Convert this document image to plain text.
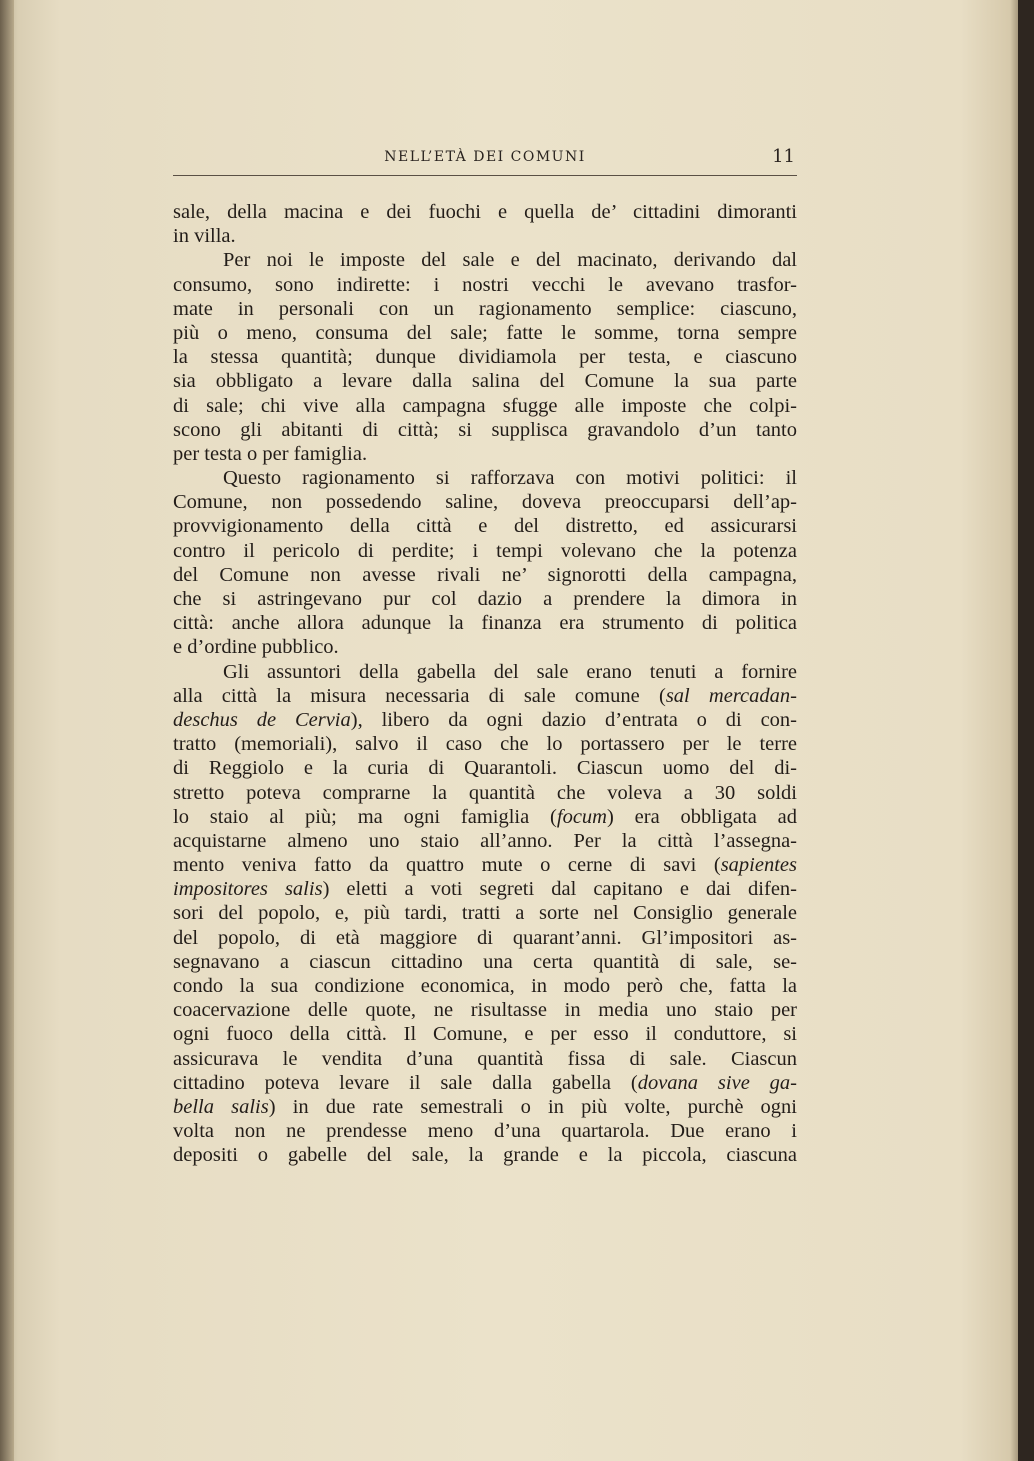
NELL’ETÀ DEI COMUNI	11
sale, della macina e dei fuochi e quella de’ cittadini dimoranti
in villa.
Per noi le imposte del sale e del macinato, derivando dal
consumo, sono indirette: i nostri vecchi le avevano trasfor-
mate in personali con un ragionamento semplice: ciascuno,
più o meno, consuma del sale; fatte le somme, torna sempre
la stessa quantità; dunque dividiamola per testa, e ciascuno
sia obbligato a levare dalla salina del Comune la sua parte
di sale; chi vive alla campagna sfugge alle imposte che colpi-
scono gli abitanti di città; si supplisca gravandolo d’un tanto
per testa o per famiglia.
Questo ragionamento si rafforzava con motivi politici: il
Comune, non possedendo saline, doveva preoccuparsi dell’ap-
provvigionamento della città e del distretto, ed assicurarsi
contro il pericolo di perdite; i tempi volevano che la potenza
del Comune non avesse rivali ne’ signorotti della campagna,
che si astringevano pur col dazio a prendere la dimora in
città: anche allora adunque la finanza era strumento di politica
e d’ordine pubblico.
Gli assuntori della gabella del sale erano tenuti a fornire
alla città la misura necessaria di sale comune (sal mercadan-
deschus de Cervia), libero da ogni dazio d’entrata o di con-
tratto (memoriali), salvo il caso che lo portassero per le terre
di Reggiolo e la curia di Quarantoli. Ciascun uomo del di-
stretto poteva comprarne la quantità che voleva a 30 soldi
lo staio al più; ma ogni famiglia (focum) era obbligata ad
acquistarne almeno uno staio all’anno. Per la città l’assegna-
mento veniva fatto da quattro mute o cerne di savi (sapientes
impositores salis) eletti a voti segreti dal capitano e dai difen-
sori del popolo, e, più tardi, tratti a sorte nel Consiglio generale
del popolo, di età maggiore di quarant’anni. Gl’impositori as-
segnavano a ciascun cittadino una certa quantità di sale, se-
condo la sua condizione economica, in modo però che, fatta la
coacervazione delle quote, ne risultasse in media uno staio per
ogni fuoco della città. Il Comune, e per esso il conduttore, si
assicurava le vendita d’una quantità fissa di sale. Ciascun
cittadino poteva levare il sale dalla gabella (dovana sive ga-
bella salis) in due rate semestrali o in più volte, purchè ogni
volta non ne prendesse meno d’una quartarola. Due erano i
depositi o gabelle del sale, la grande e la piccola, ciascuna
